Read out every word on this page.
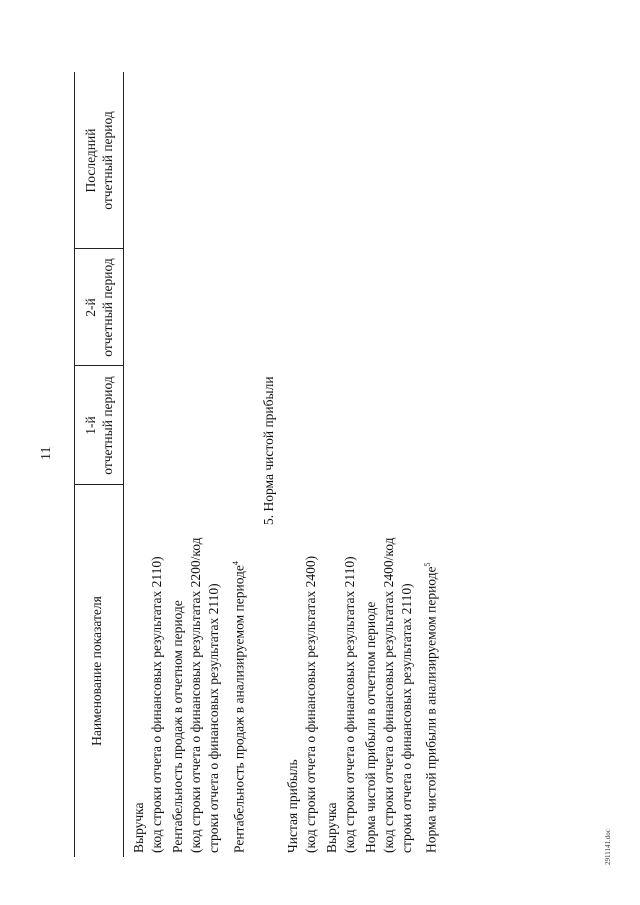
11
Наименование показателя
1-й отчетный период
2-й отчетный период
Последний отчетный период
Выручка (код строки отчета о финансовых результатах 2110) Рентабельность продаж в отчетном периоде (код строки отчета о финансовых результатах 2200/код строки отчета о финансовых результатах 2110) Рентабельность продаж в анализируемом периоде$^4$
5. Норма чистой прибыли
Чистая прибыль (код строки отчета о финансовых результатах 2400) Выручка (код строки отчета о финансовых результатах 2110) Норма чистой прибыли в отчетном периоде (код строки отчета о финансовых результатах 2400/код строки отчета о финансовых результатах 2110) Норма чистой прибыли в анализируемом периоде$^5$
2911141.doc
